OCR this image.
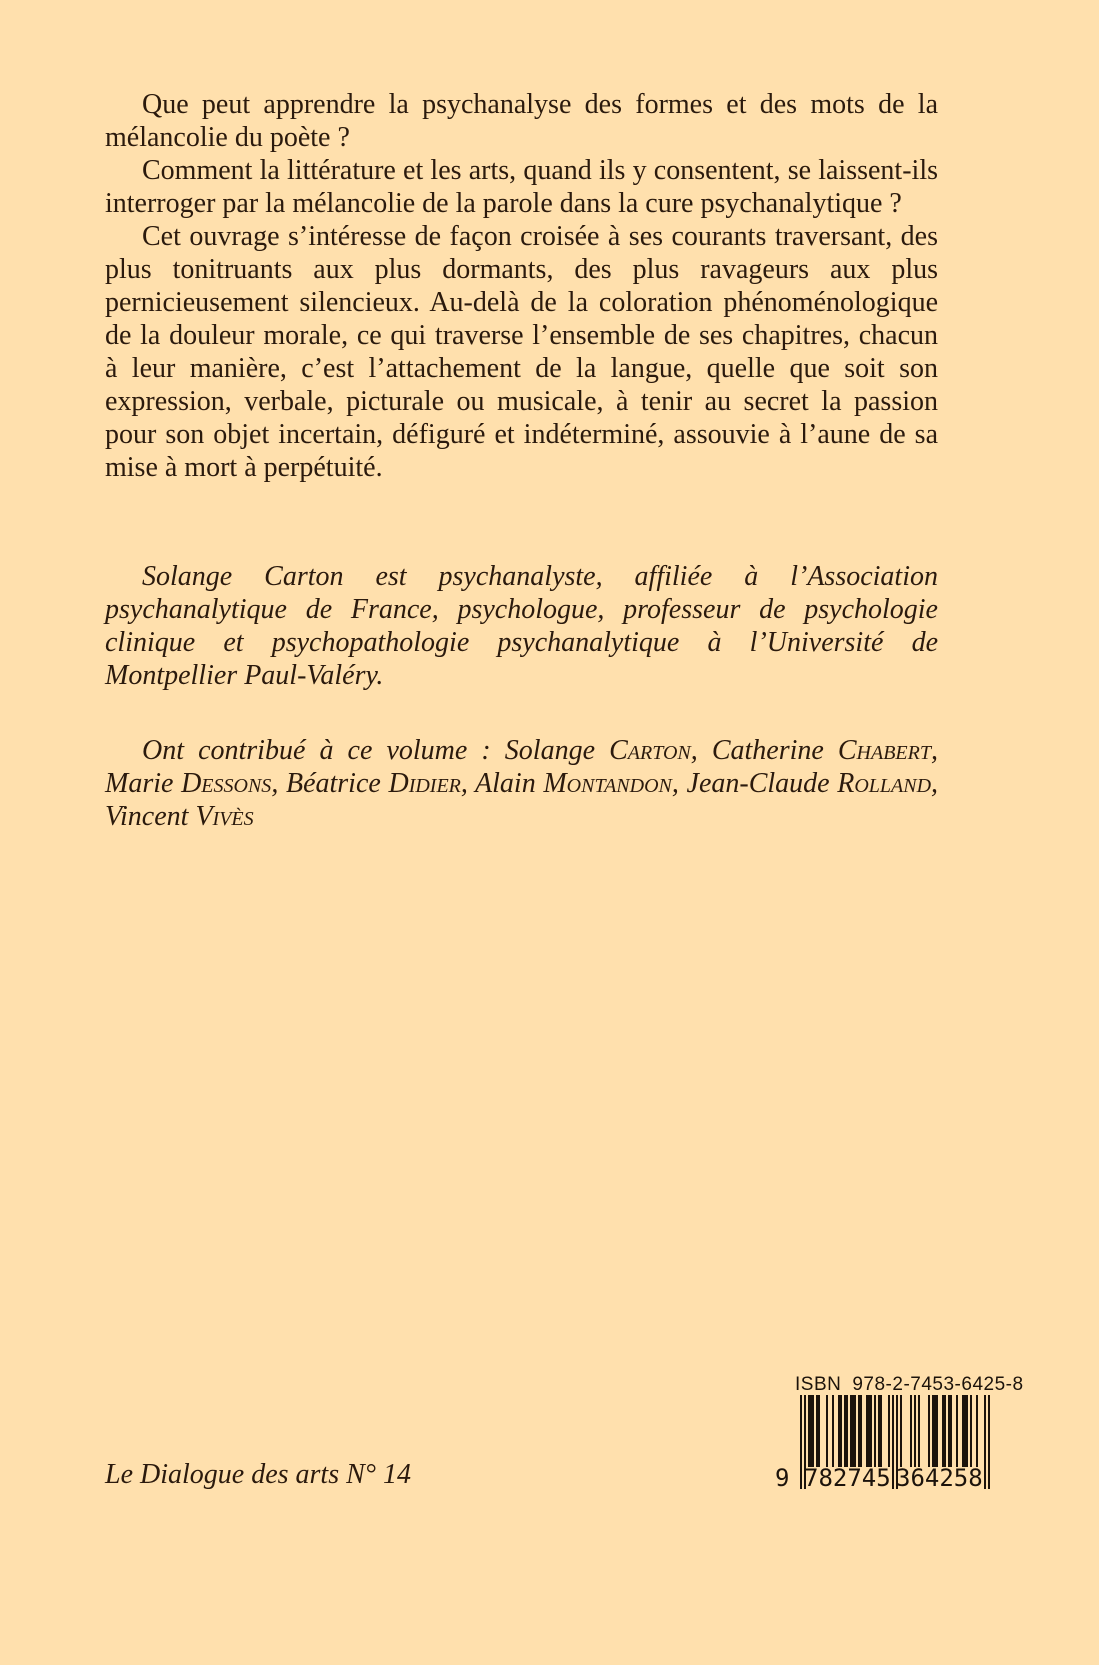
Que peut apprendre la psychanalyse des formes et des mots de la mélancolie du poète ?

Comment la littérature et les arts, quand ils y consentent, se laissent-ils interroger par la mélancolie de la parole dans la cure psychanalytique ?

Cet ouvrage s’intéresse de façon croisée à ses courants traversant, des plus tonitruants aux plus dormants, des plus ravageurs aux plus pernicieusement silencieux. Au-delà de la coloration phénoménologique de la douleur morale, ce qui traverse l’ensemble de ses chapitres, chacun à leur manière, c’est l’attachement de la langue, quelle que soit son expression, verbale, picturale ou musicale, à tenir au secret la passion pour son objet incertain, défiguré et indéterminé, assouvie à l’aune de sa mise à mort à perpétuité.

Solange Carton est psychanalyste, affiliée à l’Association psychanalytique de France, psychologue, professeur de psychologie clinique et psychopathologie psychanalytique à l’Université de Montpellier Paul-Valéry.

Ont contribué à ce volume : Solange Carton, Catherine Chabert, Marie Dessons, Béatrice Didier, Alain Montandon, Jean-Claude Rolland, Vincent Vivès

ISBN 978-2-7453-6425-8
9 782745 364258
Le Dialogue des arts N° 14
